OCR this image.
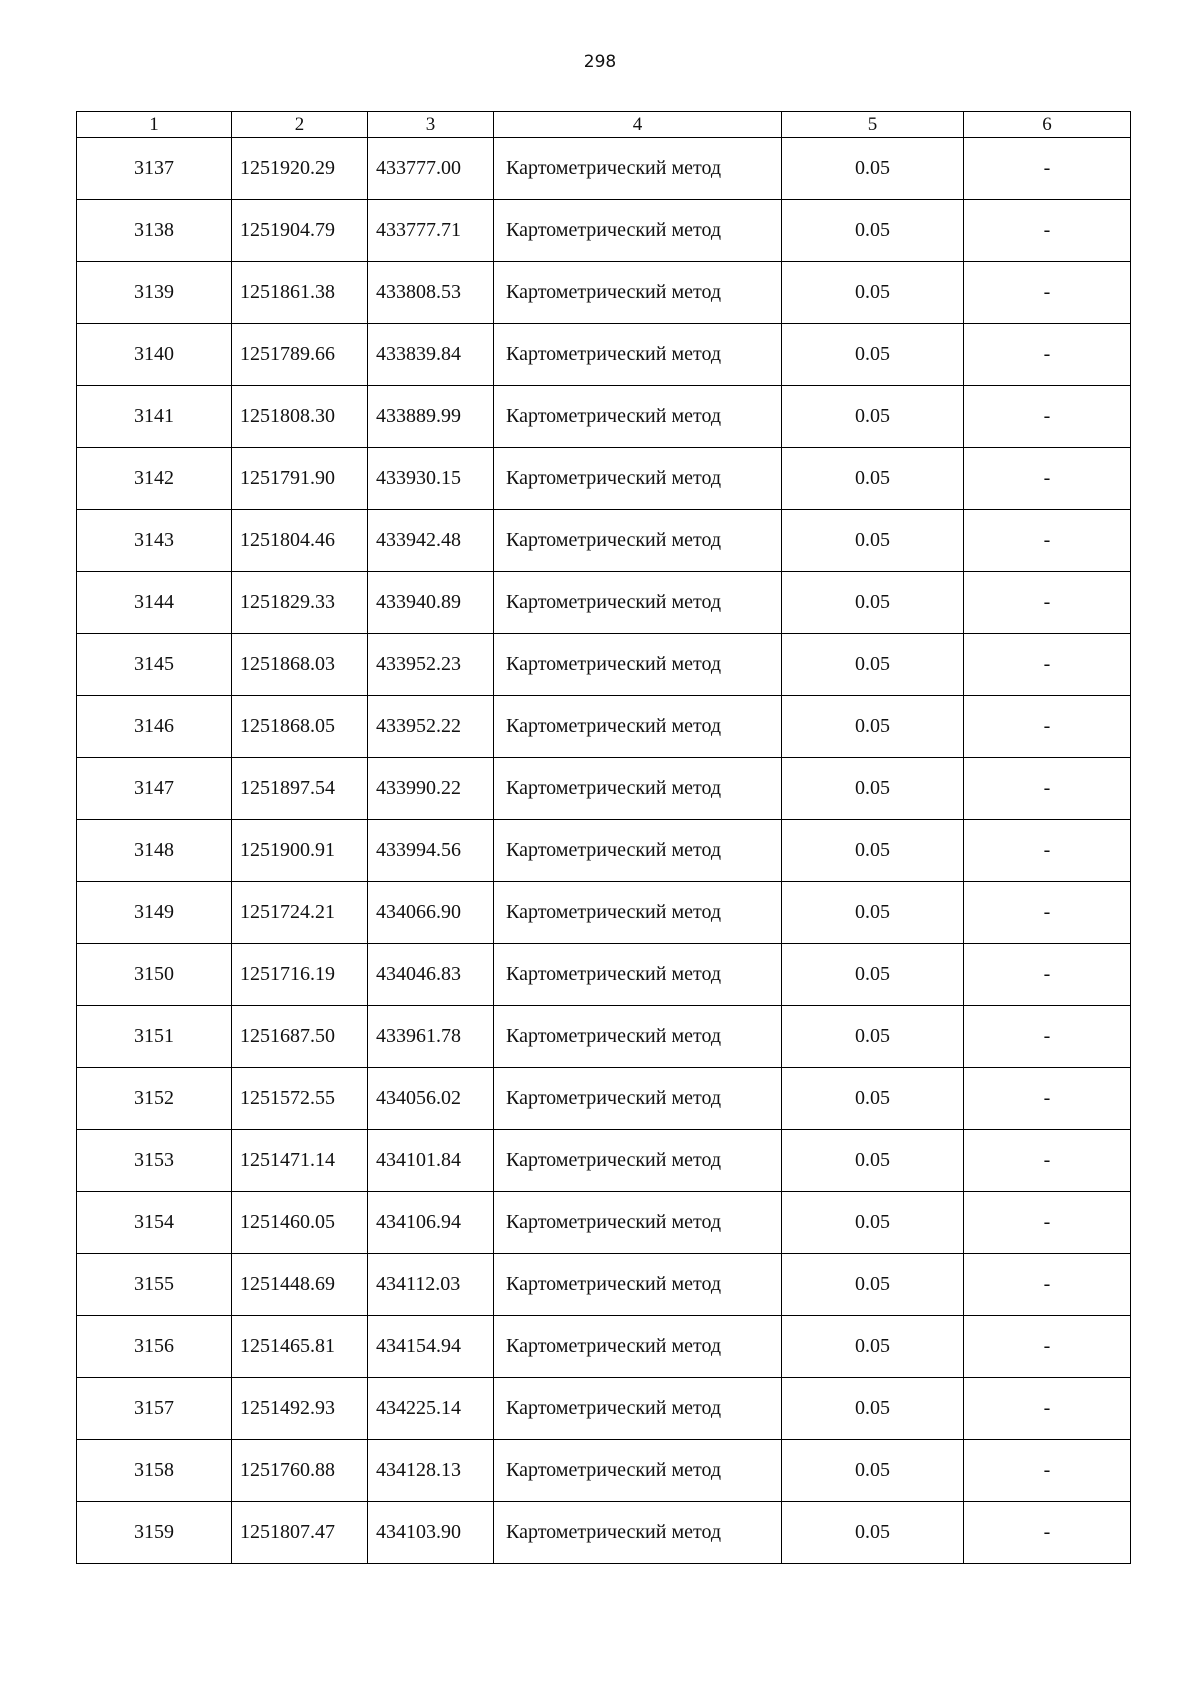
298
1	2	3	4	5	6
3137	1251920.29	433777.00	Картометрический метод	0.05	-
3138	1251904.79	433777.71	Картометрический метод	0.05	-
3139	1251861.38	433808.53	Картометрический метод	0.05	-
3140	1251789.66	433839.84	Картометрический метод	0.05	-
3141	1251808.30	433889.99	Картометрический метод	0.05	-
3142	1251791.90	433930.15	Картометрический метод	0.05	-
3143	1251804.46	433942.48	Картометрический метод	0.05	-
3144	1251829.33	433940.89	Картометрический метод	0.05	-
3145	1251868.03	433952.23	Картометрический метод	0.05	-
3146	1251868.05	433952.22	Картометрический метод	0.05	-
3147	1251897.54	433990.22	Картометрический метод	0.05	-
3148	1251900.91	433994.56	Картометрический метод	0.05	-
3149	1251724.21	434066.90	Картометрический метод	0.05	-
3150	1251716.19	434046.83	Картометрический метод	0.05	-
3151	1251687.50	433961.78	Картометрический метод	0.05	-
3152	1251572.55	434056.02	Картометрический метод	0.05	-
3153	1251471.14	434101.84	Картометрический метод	0.05	-
3154	1251460.05	434106.94	Картометрический метод	0.05	-
3155	1251448.69	434112.03	Картометрический метод	0.05	-
3156	1251465.81	434154.94	Картометрический метод	0.05	-
3157	1251492.93	434225.14	Картометрический метод	0.05	-
3158	1251760.88	434128.13	Картометрический метод	0.05	-
3159	1251807.47	434103.90	Картометрический метод	0.05	-
